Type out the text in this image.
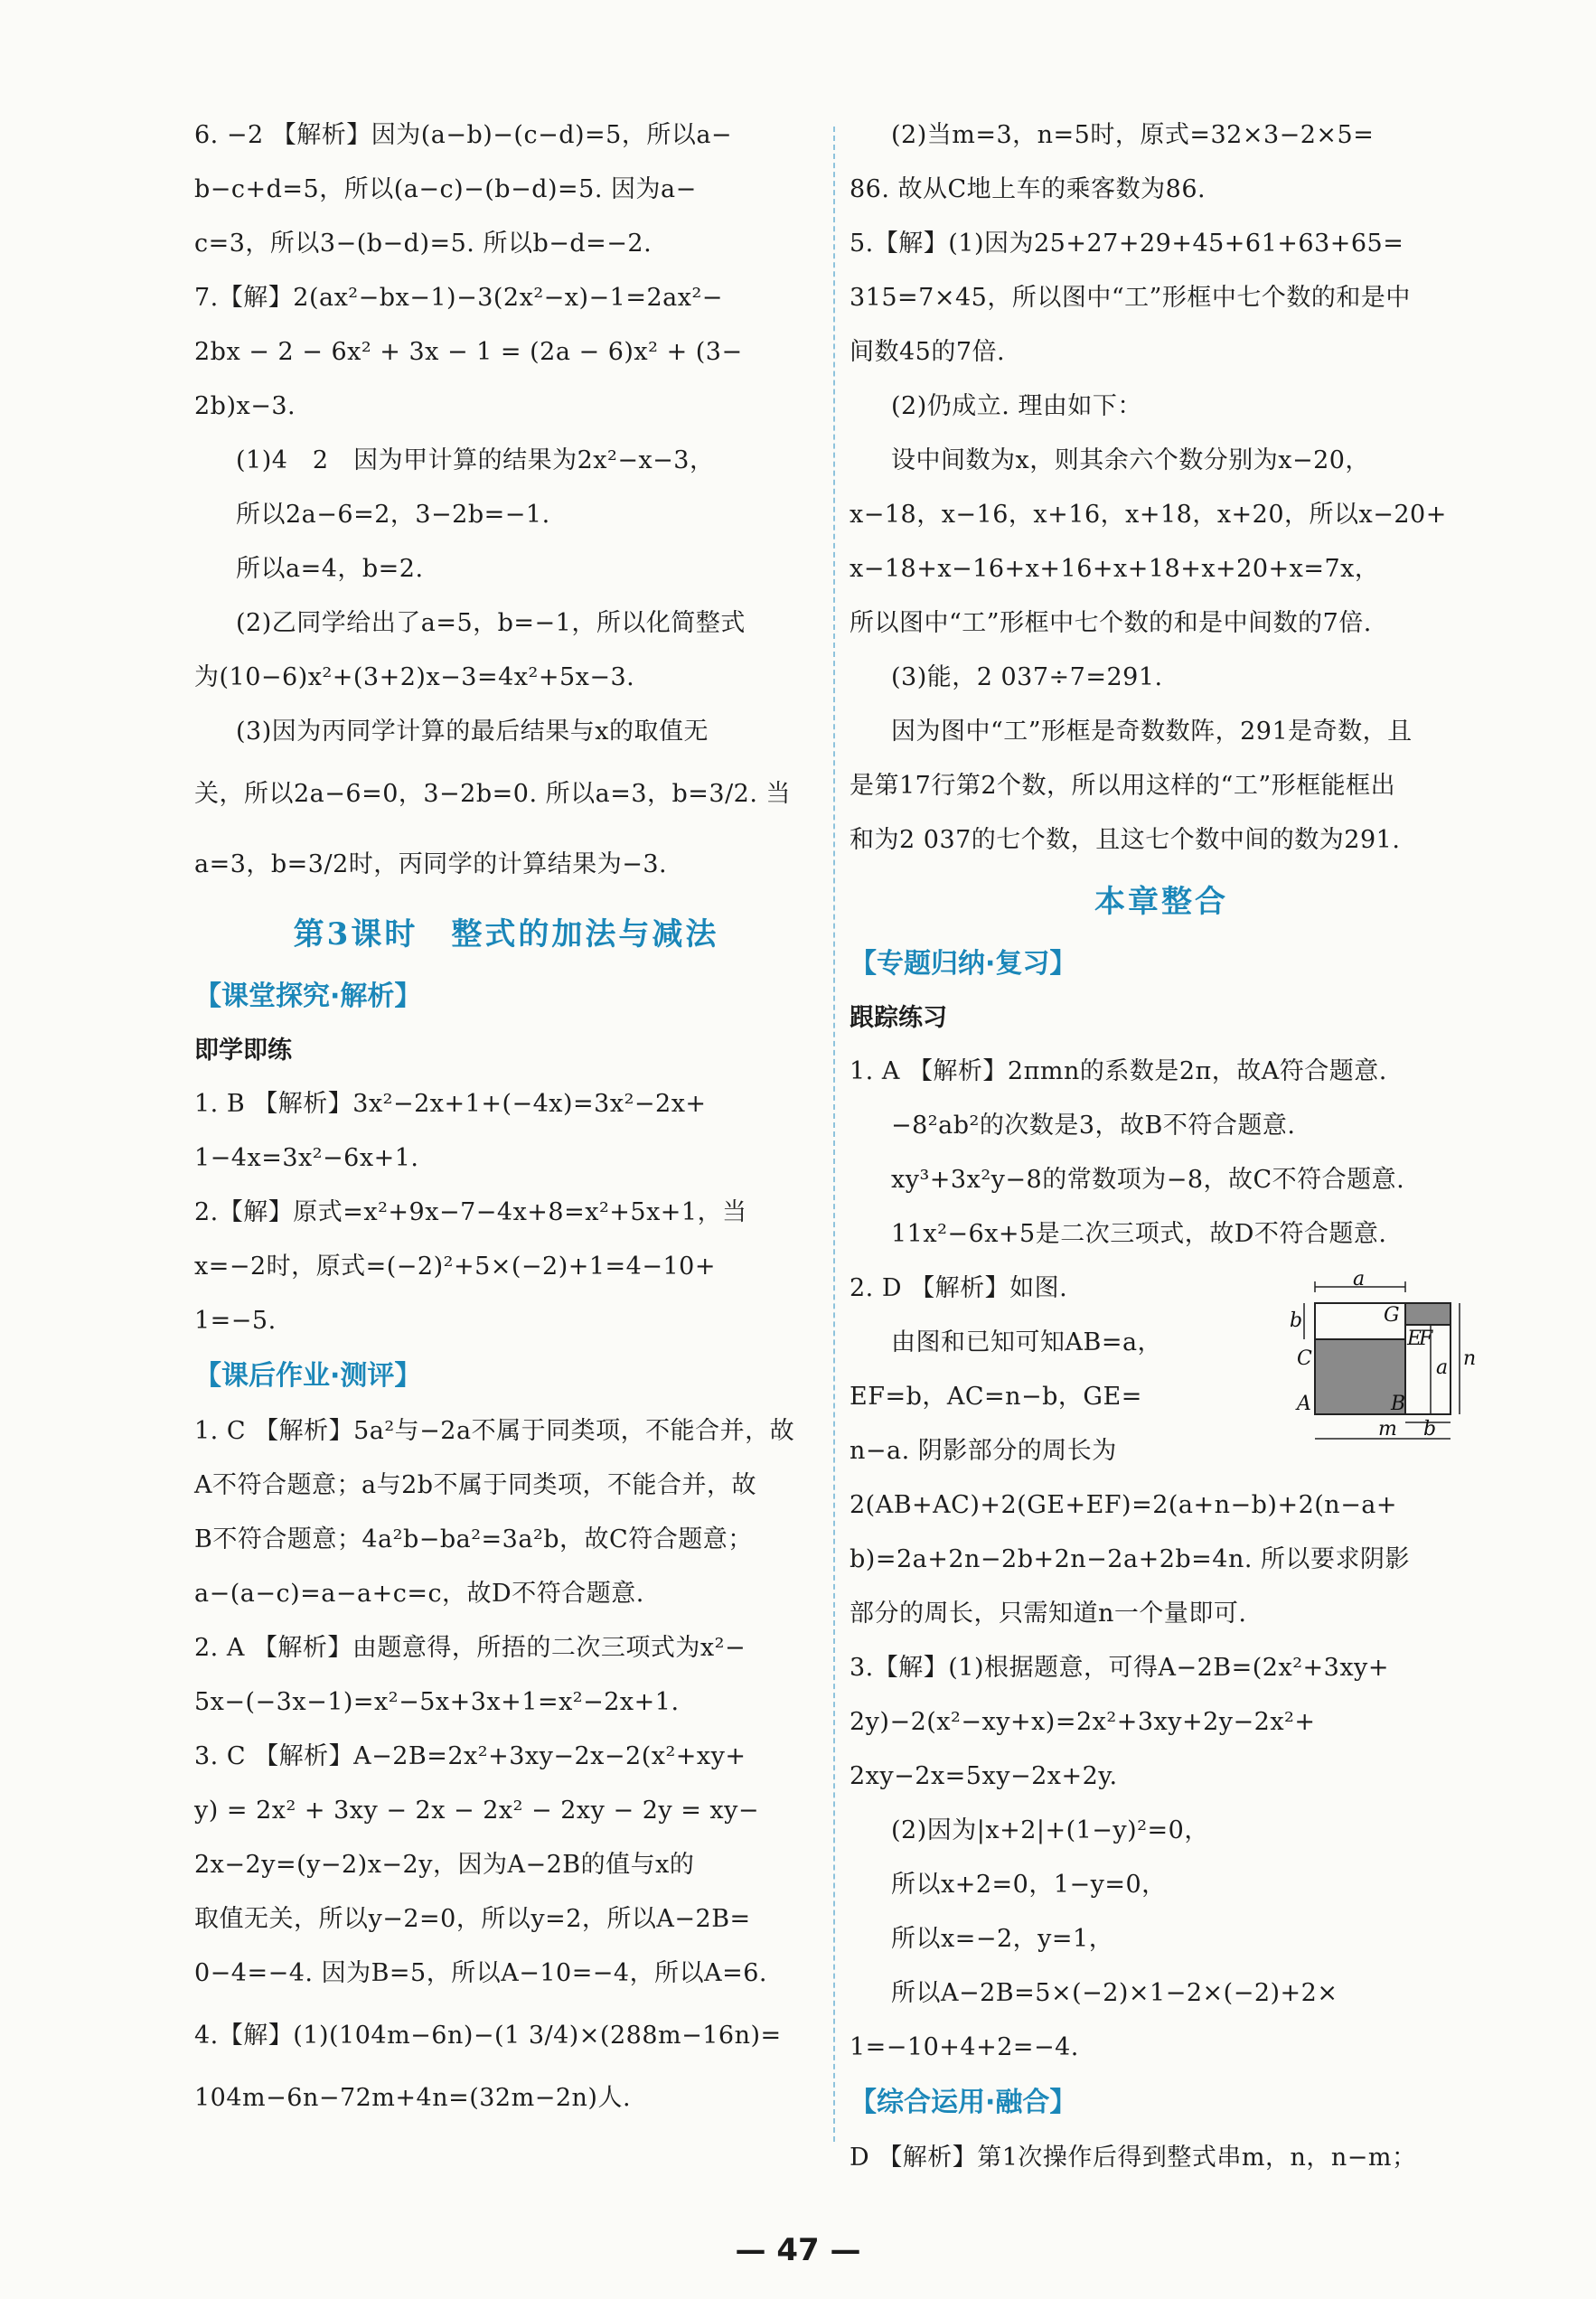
6. −2 【解析】因为(a−b)−(c−d)=5，所以a−
b−c+d=5，所以(a−c)−(b−d)=5. 因为a−
c=3，所以3−(b−d)=5. 所以b−d=−2.
7.【解】2(ax²−bx−1)−3(2x²−x)−1=2ax²−
2bx − 2 − 6x² + 3x − 1 = (2a − 6)x² + (3−
2b)x−3.
(1)4　2　因为甲计算的结果为2x²−x−3，
所以2a−6=2，3−2b=−1.
所以a=4，b=2.
(2)乙同学给出了a=5，b=−1，所以化简整式
为(10−6)x²+(3+2)x−3=4x²+5x−3.
(3)因为丙同学计算的最后结果与x的取值无
关，所以2a−6=0，3−2b=0. 所以a=3，b=3/2. 当
a=3，b=3/2时，丙同学的计算结果为−3.
第3课时　整式的加法与减法
【课堂探究·解析】
即学即练
1. B 【解析】3x²−2x+1+(−4x)=3x²−2x+
1−4x=3x²−6x+1.
2.【解】原式=x²+9x−7−4x+8=x²+5x+1，当
x=−2时，原式=(−2)²+5×(−2)+1=4−10+
1=−5.
【课后作业·测评】
1. C 【解析】5a²与−2a不属于同类项，不能合并，故
A不符合题意；a与2b不属于同类项，不能合并，故
B不符合题意；4a²b−ba²=3a²b，故C符合题意；
a−(a−c)=a−a+c=c，故D不符合题意.
2. A 【解析】由题意得，所捂的二次三项式为x²−
5x−(−3x−1)=x²−5x+3x+1=x²−2x+1.
3. C 【解析】A−2B=2x²+3xy−2x−2(x²+xy+
y) = 2x² + 3xy − 2x − 2x² − 2xy − 2y = xy−
2x−2y=(y−2)x−2y，因为A−2B的值与x的
取值无关，所以y−2=0，所以y=2，所以A−2B=
0−4=−4. 因为B=5，所以A−10=−4，所以A=6.
4.【解】(1)(104m−6n)−(1 3/4)×(288m−16n)=
104m−6n−72m+4n=(32m−2n)人.
(2)当m=3，n=5时，原式=32×3−2×5=
86. 故从C地上车的乘客数为86.
5.【解】(1)因为25+27+29+45+61+63+65=
315=7×45，所以图中“工”形框中七个数的和是中
间数45的7倍.
(2)仍成立. 理由如下：
设中间数为x，则其余六个数分别为x−20，
x−18，x−16，x+16，x+18，x+20，所以x−20+
x−18+x−16+x+16+x+18+x+20+x=7x，
所以图中“工”形框中七个数的和是中间数的7倍.
(3)能，2 037÷7=291.
因为图中“工”形框是奇数数阵，291是奇数，且
是第17行第2个数，所以用这样的“工”形框能框出
和为2 037的七个数，且这七个数中间的数为291.
本章整合
【专题归纳·复习】
跟踪练习
1. A 【解析】2πmn的系数是2π，故A符合题意.
−8²ab²的次数是3，故B不符合题意.
xy³+3x²y−8的常数项为−8，故C不符合题意.
11x²−6x+5是二次三项式，故D不符合题意.
2. D 【解析】如图.
由图和已知可知AB=a，
EF=b，AC=n−b，GE=
n−a. 阴影部分的周长为
2(AB+AC)+2(GE+EF)=2(a+n−b)+2(n−a+
b)=2a+2n−2b+2n−2a+2b=4n. 所以要求阴影
部分的周长，只需知道n一个量即可.
3.【解】(1)根据题意，可得A−2B=(2x²+3xy+
2y)−2(x²−xy+x)=2x²+3xy+2y−2x²+
2xy−2x=5xy−2x+2y.
(2)因为|x+2|+(1−y)²=0，
所以x+2=0，1−y=0，
所以x=−2，y=1，
所以A−2B=5×(−2)×1−2×(−2)+2×
1=−10+4+2=−4.
【综合运用·融合】
D 【解析】第1次操作后得到整式串m，n，n−m；
a
b	G
E
F
C	a n
B
A
b
m
— 47 —
